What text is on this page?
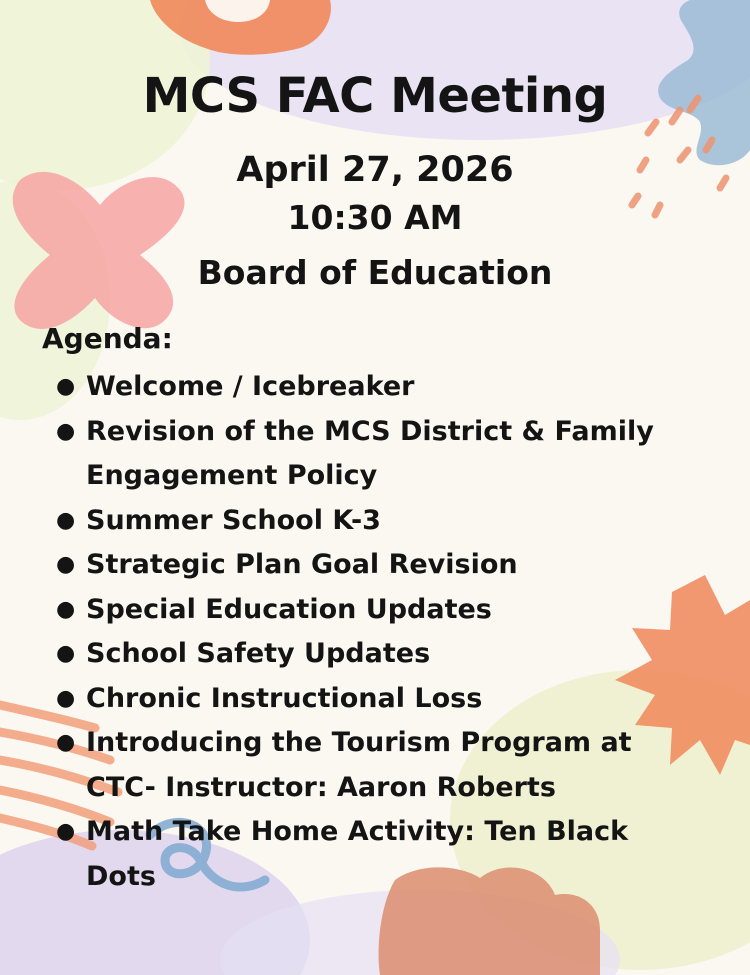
MCS FAC Meeting
April 27, 2026
10:30 AM
Board of Education
Agenda:
● Welcome / Icebreaker
● Revision of the MCS District & Family Engagement Policy
● Summer School K-3
● Strategic Plan Goal Revision
● Special Education Updates
● School Safety Updates
● Chronic Instructional Loss
● Introducing the Tourism Program at CTC- Instructor: Aaron Roberts
● Math Take Home Activity: Ten Black Dots
